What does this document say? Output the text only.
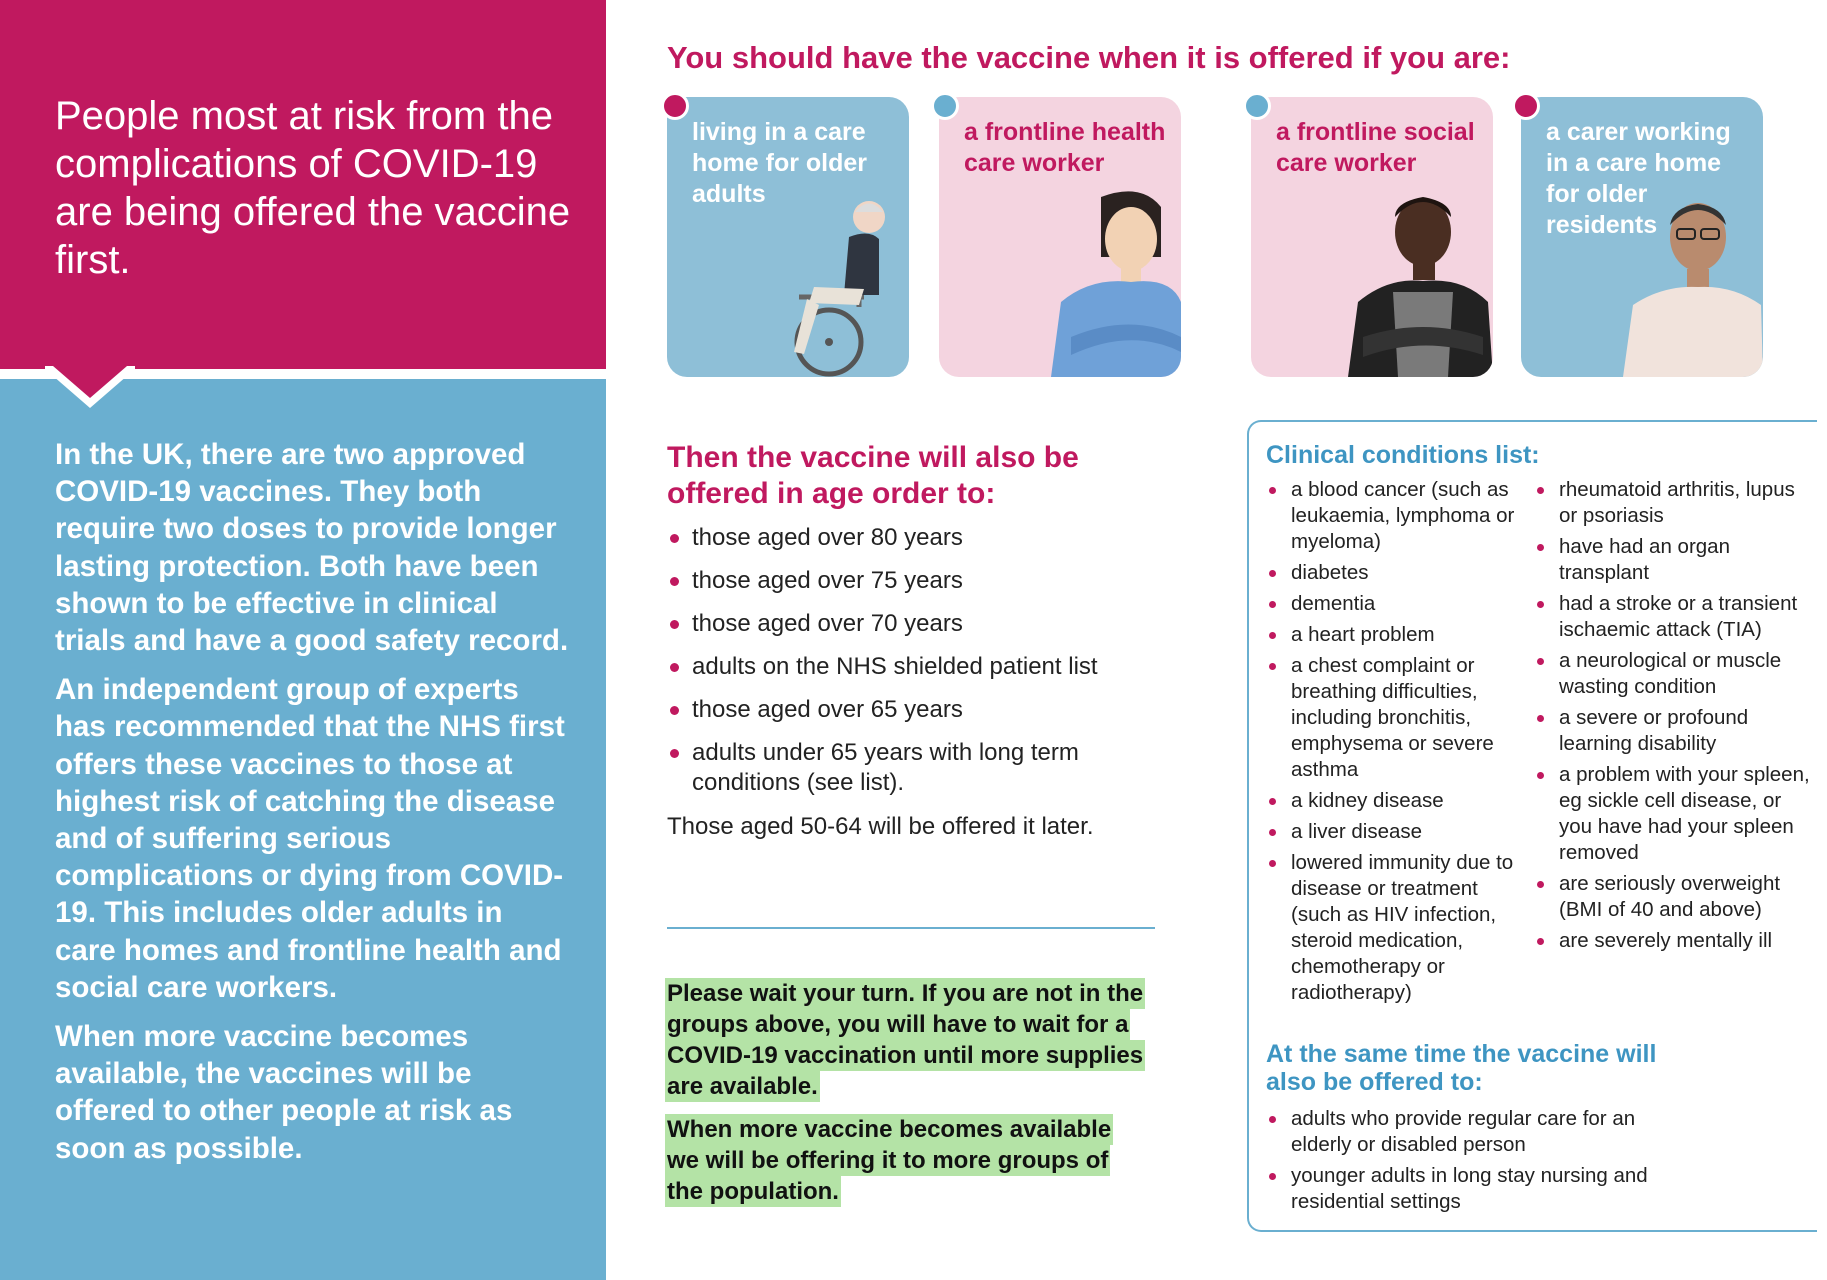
People most at risk from the complications of COVID-19 are being offered the vaccine first.

In the UK, there are two approved COVID-19 vaccines. They both require two doses to provide longer lasting protection. Both have been shown to be effective in clinical trials and have a good safety record.

An independent group of experts has recommended that the NHS first offers these vaccines to those at highest risk of catching the disease and of suffering serious complications or dying from COVID-19. This includes older adults in care homes and frontline health and social care workers.

When more vaccine becomes available, the vaccines will be offered to other people at risk as soon as possible.

You should have the vaccine when it is offered if you are:

living in a care home for older adults

a frontline health care worker

a frontline social care worker

a carer working in a care home for older residents

Then the vaccine will also be offered in age order to:
those aged over 80 years
those aged over 75 years
those aged over 70 years
adults on the NHS shielded patient list
those aged over 65 years
adults under 65 years with long term conditions (see list).

Those aged 50-64 will be offered it later.

Please wait your turn. If you are not in the groups above, you will have to wait for a COVID-19 vaccination until more supplies are available.

When more vaccine becomes available we will be offering it to more groups of the population.

Clinical conditions list:
a blood cancer (such as leukaemia, lymphoma or myeloma)
diabetes
dementia
a heart problem
a chest complaint or breathing difficulties, including bronchitis, emphysema or severe asthma
a kidney disease
a liver disease
lowered immunity due to disease or treatment (such as HIV infection, steroid medication, chemotherapy or radiotherapy)
rheumatoid arthritis, lupus or psoriasis
have had an organ transplant
had a stroke or a transient ischaemic attack (TIA)
a neurological or muscle wasting condition
a severe or profound learning disability
a problem with your spleen, eg sickle cell disease, or you have had your spleen removed
are seriously overweight (BMI of 40 and above)
are severely mentally ill
At the same time the vaccine will also be offered to:
adults who provide regular care for an elderly or disabled person
younger adults in long stay nursing and residential settings
